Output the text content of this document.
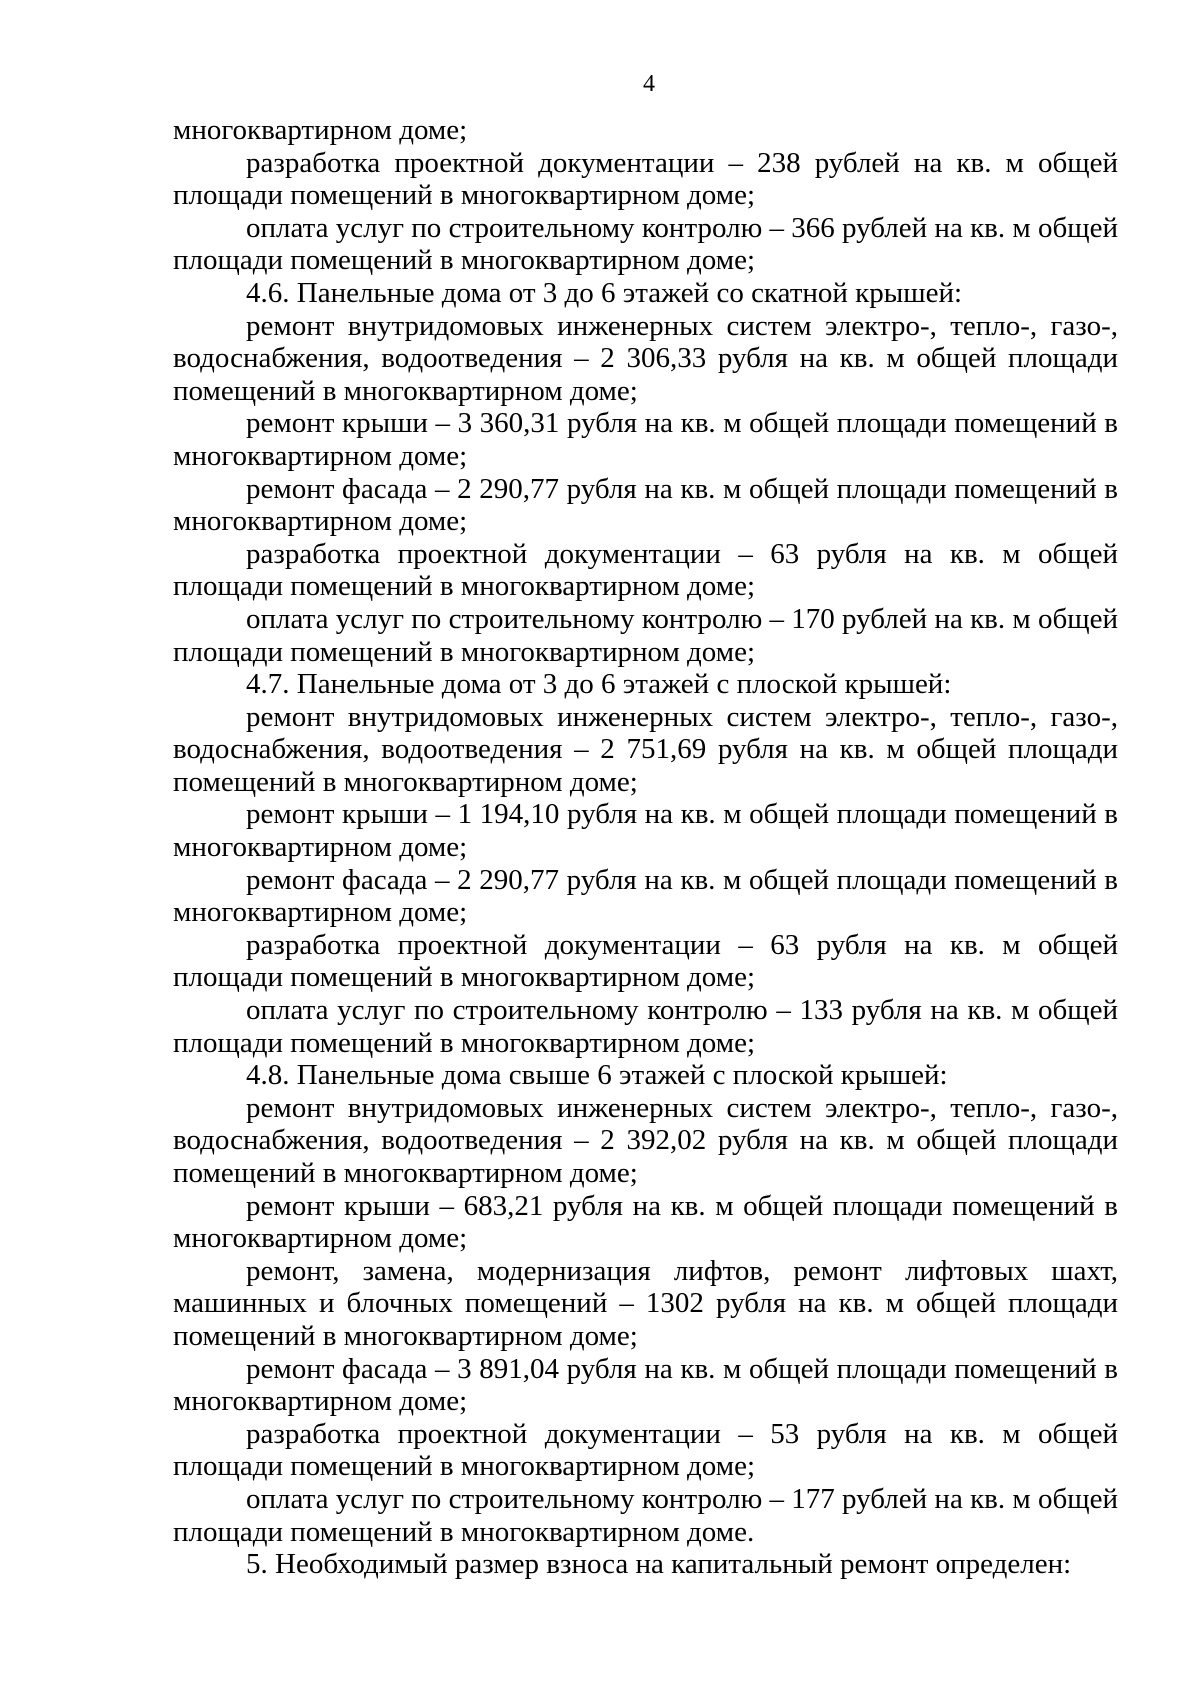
4

многоквартирном доме;

разработка проектной документации – 238 рублей на кв. м общей площади помещений в многоквартирном доме;

оплата услуг по строительному контролю – 366 рублей на кв. м общей площади помещений в многоквартирном доме;

4.6. Панельные дома от 3 до 6 этажей со скатной крышей:

ремонт внутридомовых инженерных систем электро-, тепло-, газо-, водоснабжения, водоотведения – 2 306,33 рубля на кв. м общей площади помещений в многоквартирном доме;

ремонт крыши – 3 360,31 рубля на кв. м общей площади помещений в многоквартирном доме;

ремонт фасада – 2 290,77 рубля на кв. м общей площади помещений в многоквартирном доме;

разработка проектной документации – 63 рубля на кв. м общей площади помещений в многоквартирном доме;

оплата услуг по строительному контролю – 170 рублей на кв. м общей площади помещений в многоквартирном доме;

4.7. Панельные дома от 3 до 6 этажей с плоской крышей:

ремонт внутридомовых инженерных систем электро-, тепло-, газо-, водоснабжения, водоотведения – 2 751,69 рубля на кв. м общей площади помещений в многоквартирном доме;

ремонт крыши – 1 194,10 рубля на кв. м общей площади помещений в многоквартирном доме;

ремонт фасада – 2 290,77 рубля на кв. м общей площади помещений в многоквартирном доме;

разработка проектной документации – 63 рубля на кв. м общей площади помещений в многоквартирном доме;

оплата услуг по строительному контролю – 133 рубля на кв. м общей площади помещений в многоквартирном доме;

4.8. Панельные дома свыше 6 этажей с плоской крышей:

ремонт внутридомовых инженерных систем электро-, тепло-, газо-, водоснабжения, водоотведения – 2 392,02 рубля на кв. м общей площади помещений в многоквартирном доме;

ремонт крыши – 683,21 рубля на кв. м общей площади помещений в многоквартирном доме;

ремонт, замена, модернизация лифтов, ремонт лифтовых шахт, машинных и блочных помещений – 1302 рубля на кв. м общей площади помещений в многоквартирном доме;

ремонт фасада – 3 891,04 рубля на кв. м общей площади помещений в многоквартирном доме;

разработка проектной документации – 53 рубля на кв. м общей площади помещений в многоквартирном доме;

оплата услуг по строительному контролю – 177 рублей на кв. м общей площади помещений в многоквартирном доме.

5. Необходимый размер взноса на капитальный ремонт определен:
